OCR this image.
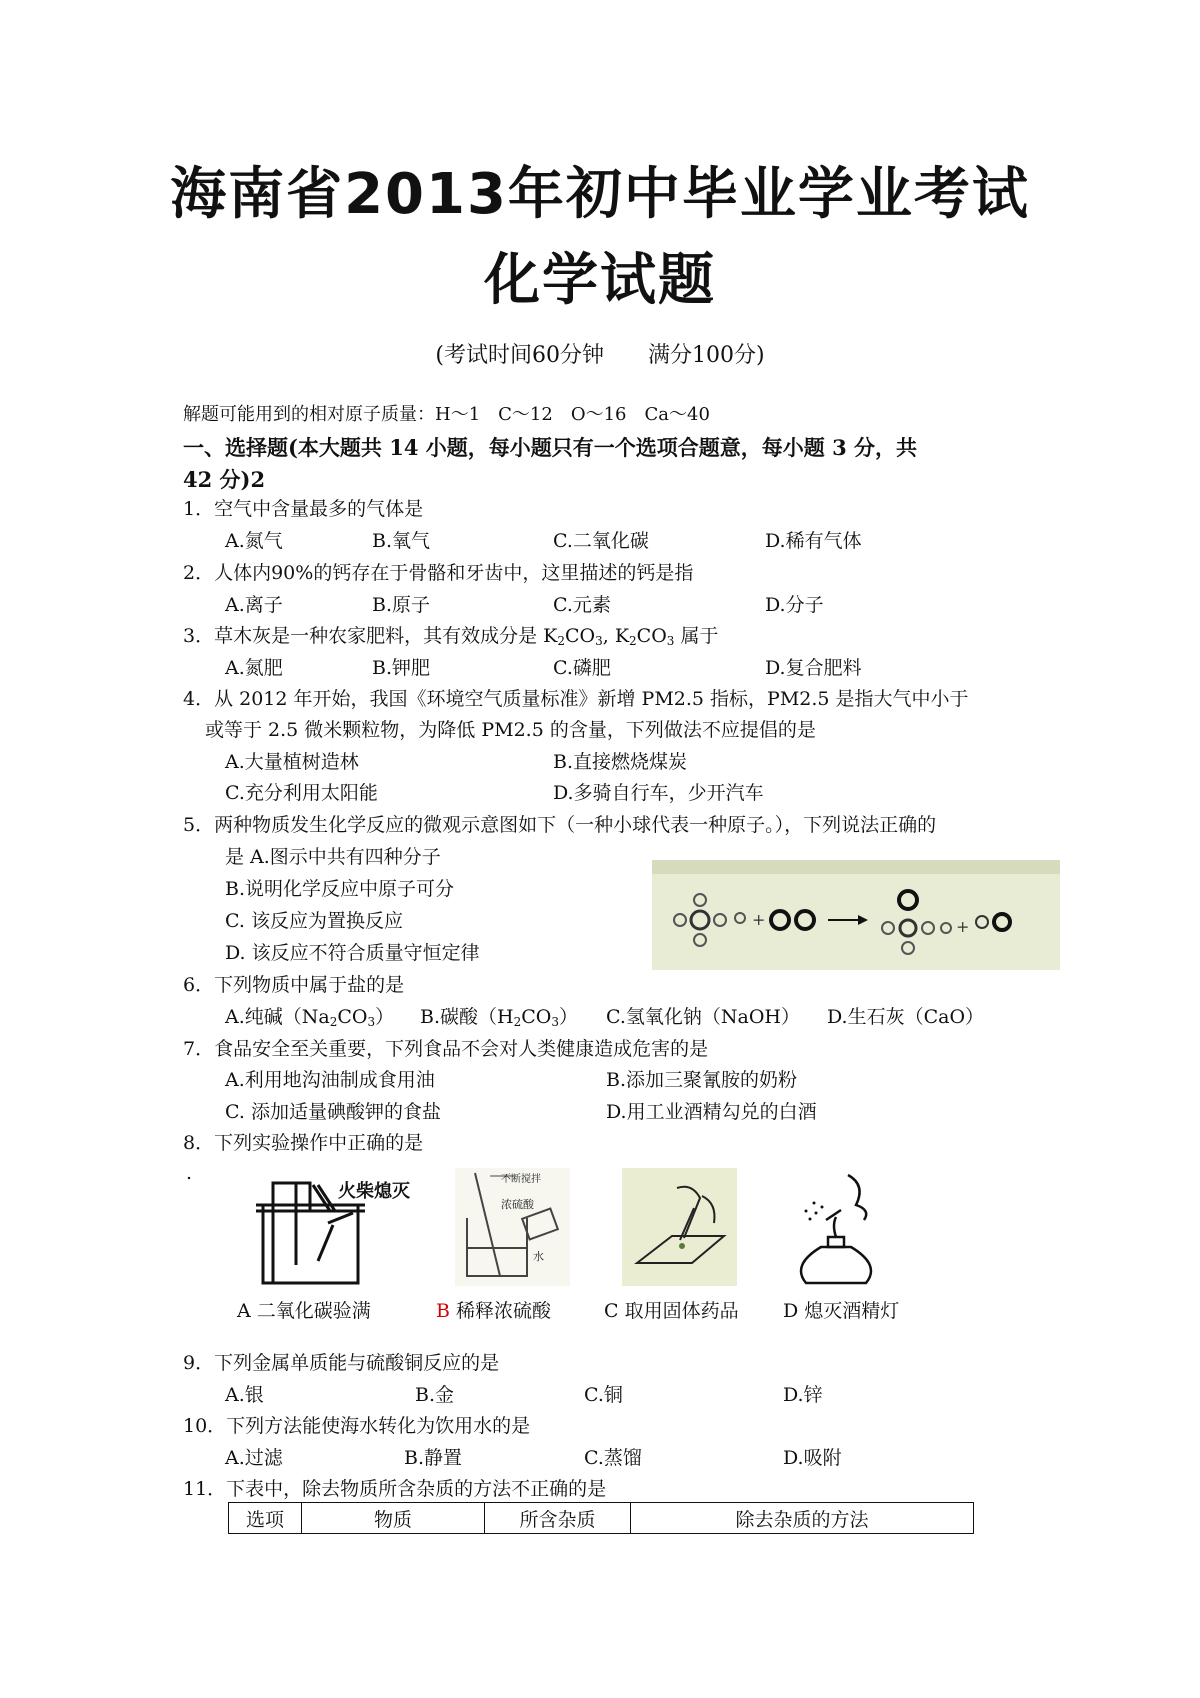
海南省2013年初中毕业学业考试
化学试题
(考试时间60分钟　　满分100分)
解题可能用到的相对原子质量：H～1　C～12　O～16　Ca～40
一、选择题(本大题共 14 小题，每小题只有一个选项合题意，每小题 3 分，共
42 分)2
1．空气中含量最多的气体是
A.氮气	B.氧气	C.二氧化碳	D.稀有气体
2．人体内90%的钙存在于骨骼和牙齿中，这里描述的钙是指
A.离子	B.原子	C.元素	D.分子
3．草木灰是一种农家肥料，其有效成分是 $K_2CO_3$, $K_2CO_3$ 属于
A.氮肥	B.钾肥	C.磷肥	D.复合肥料
4．从 2012 年开始，我国《环境空气质量标准》新增 PM2.5 指标，PM2.5 是指大气中小于
或等于 2.5 微米颗粒物，为降低 PM2.5 的含量，下列做法不应提倡的是
A.大量植树造林	B.直接燃烧煤炭
C.充分利用太阳能	D.多骑自行车，少开汽车
5．两种物质发生化学反应的微观示意图如下（一种小球代表一种原子。），下列说法正确的
是 A.图示中共有四种分子
B.说明化学反应中原子可分
C. 该反应为置换反应
D. 该反应不符合质量守恒定律
+	+
6．下列物质中属于盐的是
A.纯碱$(Na_2CO_3)$ B.碳酸$(H_2CO_3)$ C.氢氧化钠（NaOH） D.生石灰（CaO）
7．食品安全至关重要，下列食品不会对人类健康造成危害的是
A.利用地沟油制成食用油	B.添加三聚氰胺的奶粉
C. 添加适量碘酸钾的食盐	D.用工业酒精勾兑的白酒
8．下列实验操作中正确的是
.
火柴熄灭
不断搅拌
浓硫酸
水
A 二氧化碳验满	B 稀释浓硫酸	C 取用固体药品 D 熄灭酒精灯
9．下列金属单质能与硫酸铜反应的是
A.银	B.金	C.铜	D.锌
10．下列方法能使海水转化为饮用水的是
A.过滤	B.静置	C.蒸馏	D.吸附
11．下表中，除去物质所含杂质的方法不正确的是
选项	物质	所含杂质	除去杂质的方法
